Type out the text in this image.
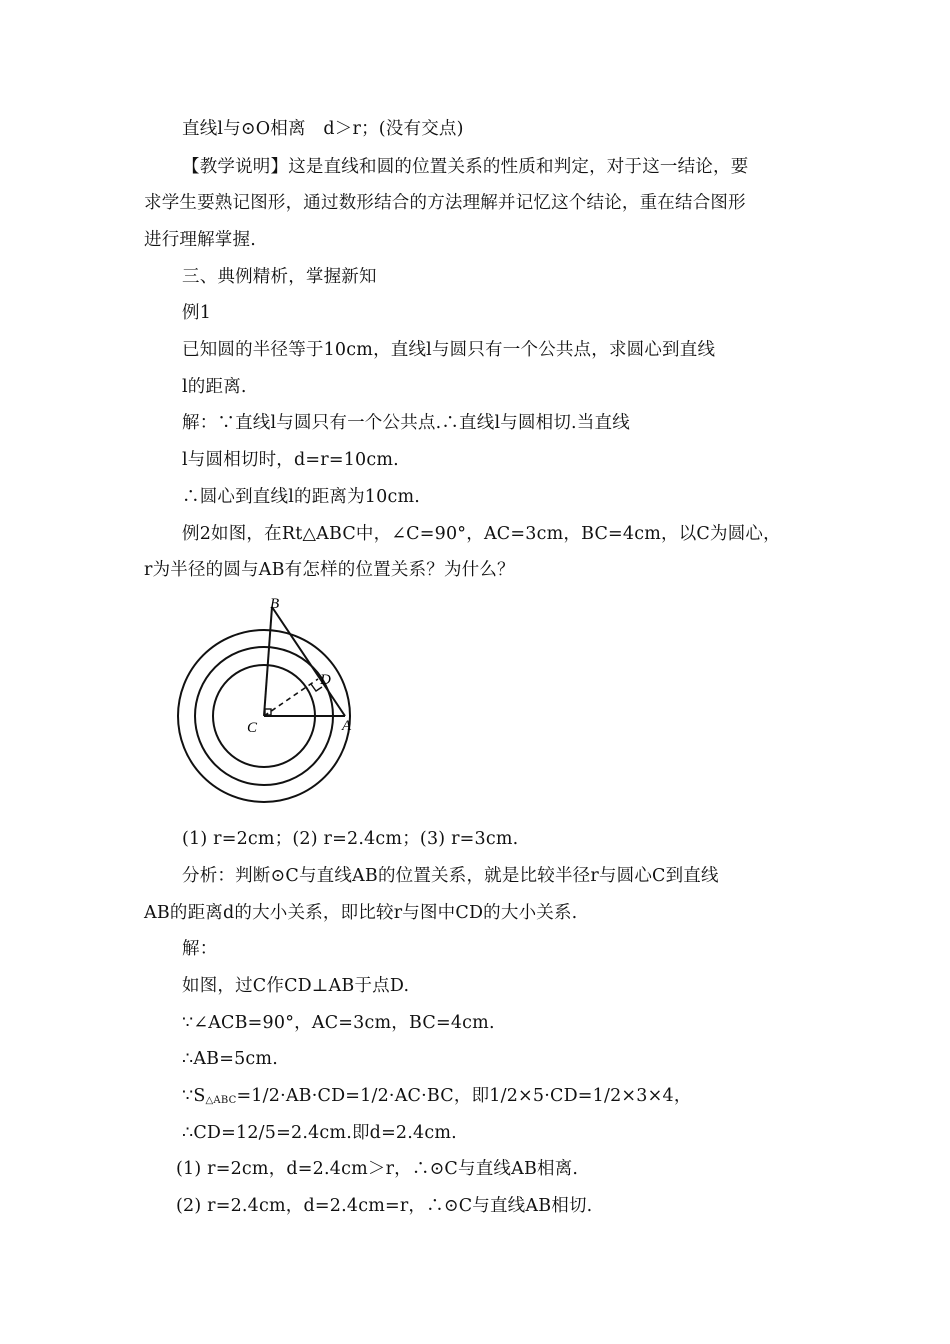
直线l与⊙O相离　d＞r；(没有交点)
【教学说明】这是直线和圆的位置关系的性质和判定，对于这一结论，要
求学生要熟记图形，通过数形结合的方法理解并记忆这个结论，重在结合图形
进行理解掌握.
三、典例精析，掌握新知
例1
已知圆的半径等于10cm，直线l与圆只有一个公共点，求圆心到直线
l的距离.
解：∵直线l与圆只有一个公共点.∴直线l与圆相切.当直线
l与圆相切时，d=r=10cm.
∴圆心到直线l的距离为10cm.
例2如图，在Rt△ABC中，∠C=90°，AC=3cm，BC=4cm，以C为圆心，
r为半径的圆与AB有怎样的位置关系？为什么？
B
C	A
D
(1) r=2cm；(2) r=2.4cm；(3) r=3cm.
分析：判断⊙C与直线AB的位置关系，就是比较半径r与圆心C到直线
AB的距离d的大小关系，即比较r与图中CD的大小关系.
解：
如图，过C作CD⊥AB于点D.
∵∠ACB=90°，AC=3cm，BC=4cm.
∴AB=5cm.
$\because S_{\triangle ABC}=1/2\cdot AB\cdot CD=1/2\cdot AC\cdot BC$，即1/2×5·CD=1/2×3×4，
∴CD=12/5=2.4cm.即d=2.4cm.
(1) r=2cm，d=2.4cm＞r，∴⊙C与直线AB相离.
(2) r=2.4cm，d=2.4cm=r，∴⊙C与直线AB相切.
